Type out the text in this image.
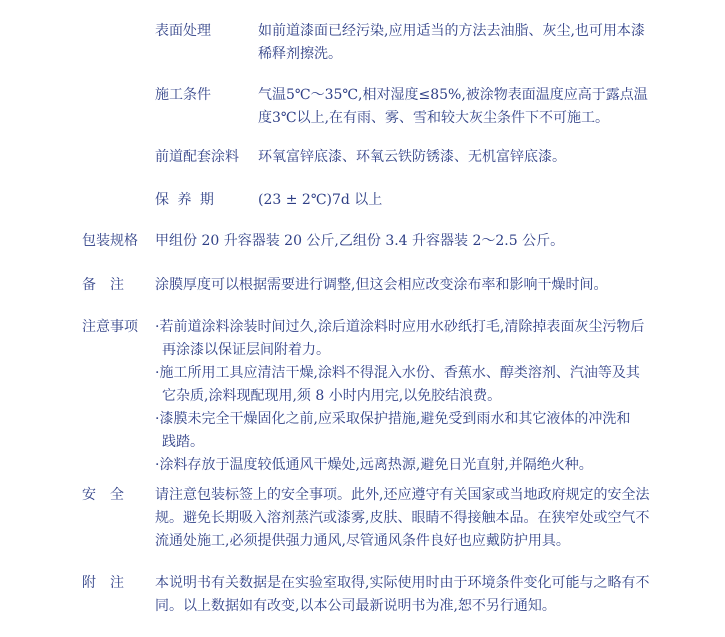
表面处理	如前道漆面已经污染,应用适当的方法去油脂、灰尘,也可用本漆
稀释剂擦洗。
施工条件	气温5℃～35℃,相对湿度≤85%,被涂物表面温度应高于露点温
度3℃以上,在有雨、雾、雪和较大灰尘条件下不可施工。
前道配套涂料 环氧富锌底漆、环氧云铁防锈漆、无机富锌底漆。
保 养 期	(23 ± 2℃)7d 以上
包装规格 甲组份 20 升容器装 20 公斤,乙组份 3.4 升容器装 2～2.5 公斤。
备　注 涂膜厚度可以根据需要进行调整,但这会相应改变涂布率和影响干燥时间。
注意事项 ·若前道涂料涂装时间过久,涂后道涂料时应用水砂纸打毛,清除掉表面灰尘污物后
再涂漆以保证层间附着力。
·施工所用工具应清洁干燥,涂料不得混入水份、香蕉水、醇类溶剂、汽油等及其
它杂质,涂料现配现用,须 8 小时内用完,以免胶结浪费。
·漆膜未完全干燥固化之前,应采取保护措施,避免受到雨水和其它液体的冲洗和
践踏。
·涂料存放于温度较低通风干燥处,远离热源,避免日光直射,并隔绝火种。
安　全 请注意包装标签上的安全事项。此外,还应遵守有关国家或当地政府规定的安全法
规。避免长期吸入溶剂蒸汽或漆雾,皮肤、眼睛不得接触本品。在狭窄处或空气不
流通处施工,必须提供强力通风,尽管通风条件良好也应戴防护用具。
附　注 本说明书有关数据是在实验室取得,实际使用时由于环境条件变化可能与之略有不
同。以上数据如有改变,以本公司最新说明书为准,恕不另行通知。
